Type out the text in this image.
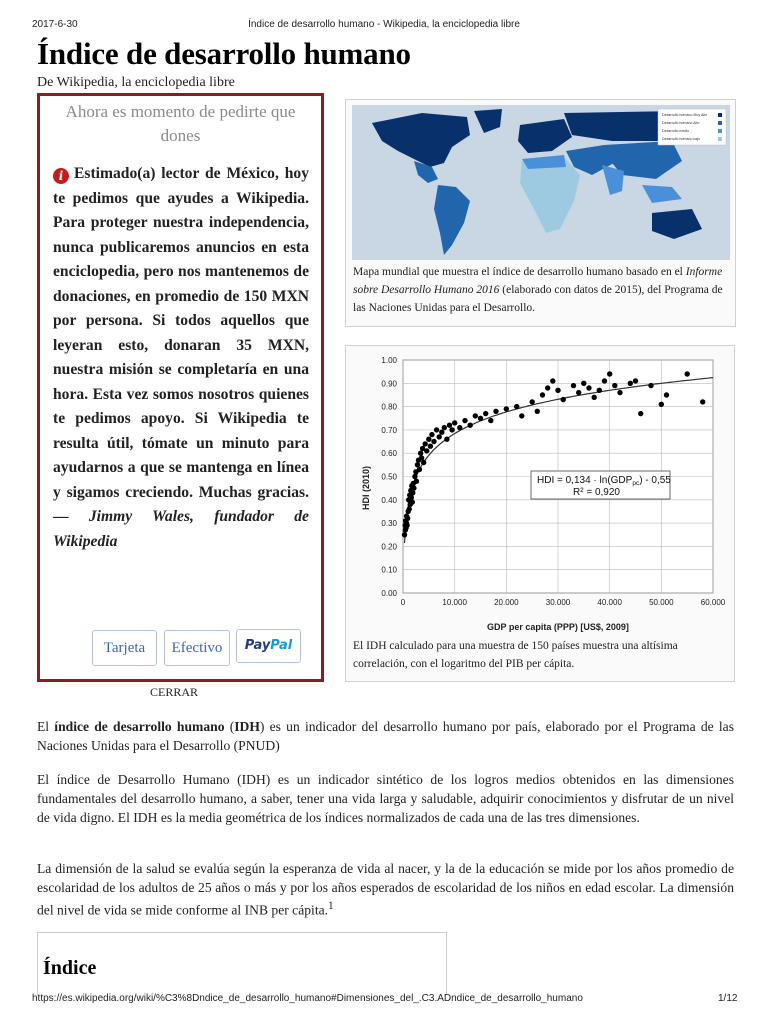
2017-6-30	Índice de desarrollo humano - Wikipedia, la enciclopedia libre
Índice de desarrollo humano
De Wikipedia, la enciclopedia libre
Ahora es momento de pedirte que dones
i Estimado(a) lector de México, hoy te pedimos que ayudes a Wikipedia. Para proteger nuestra independencia, nunca publicaremos anuncios en esta enciclopedia, pero nos mantenemos de donaciones, en promedio de 150 MXN por persona. Si todos aquellos que leyeran esto, donaran 35 MXN, nuestra misión se completaría en una hora. Esta vez somos nosotros quienes te pedimos apoyo. Si Wikipedia te resulta útil, tómate un minuto para ayudarnos a que se mantenga en línea y sigamos creciendo. Muchas gracias. — Jimmy Wales, fundador de Wikipedia
Tarjeta	Efectivo	PayPal
CERRAR
Desarrollo humano Muy Alto
Desarrollo humano Alto
Desarrollo medio
Desarrollo humano bajo
Mapa mundial que muestra el índice de desarrollo humano basado en el Informe sobre Desarrollo Humano 2016 (elaborado con datos de 2015), del Programa de las Naciones Unidas para el Desarrollo.
0	10.000	20.000	30.000	40.000	50.000	60.000
0.00
0.10
0.20
0.30
0.40
0.50
0.60
0.70
0.80
0.90
1.00
HDI = $0,134 \cdot \ln(GDP_{pc}) - 0,55$
R² = 0,920
GDP per capita (PPP) [US$, 2009]
HDI (2010)
El IDH calculado para una muestra de 150 países muestra una altísima correlación, con el logaritmo del PIB per cápita.
El índice de desarrollo humano (IDH) es un indicador del desarrollo humano por país, elaborado por el Programa de las Naciones Unidas para el Desarrollo (PNUD)
El índice de Desarrollo Humano (IDH) es un indicador sintético de los logros medios obtenidos en las dimensiones fundamentales del desarrollo humano, a saber, tener una vida larga y saludable, adquirir conocimientos y disfrutar de un nivel de vida digno. El IDH es la media geométrica de los índices normalizados de cada una de las tres dimensiones.
La dimensión de la salud se evalúa según la esperanza de vida al nacer, y la de la educación se mide por los años promedio de escolaridad de los adultos de 25 años o más y por los años esperados de escolaridad de los niños en edad escolar. La dimensión del nivel de vida se mide conforme al INB per cápita.$^1$
Índice
https://es.wikipedia.org/wiki/%C3%8Dndice_de_desarrollo_humano#Dimensiones_del_.C3.ADndice_de_desarrollo_humano	1/12
